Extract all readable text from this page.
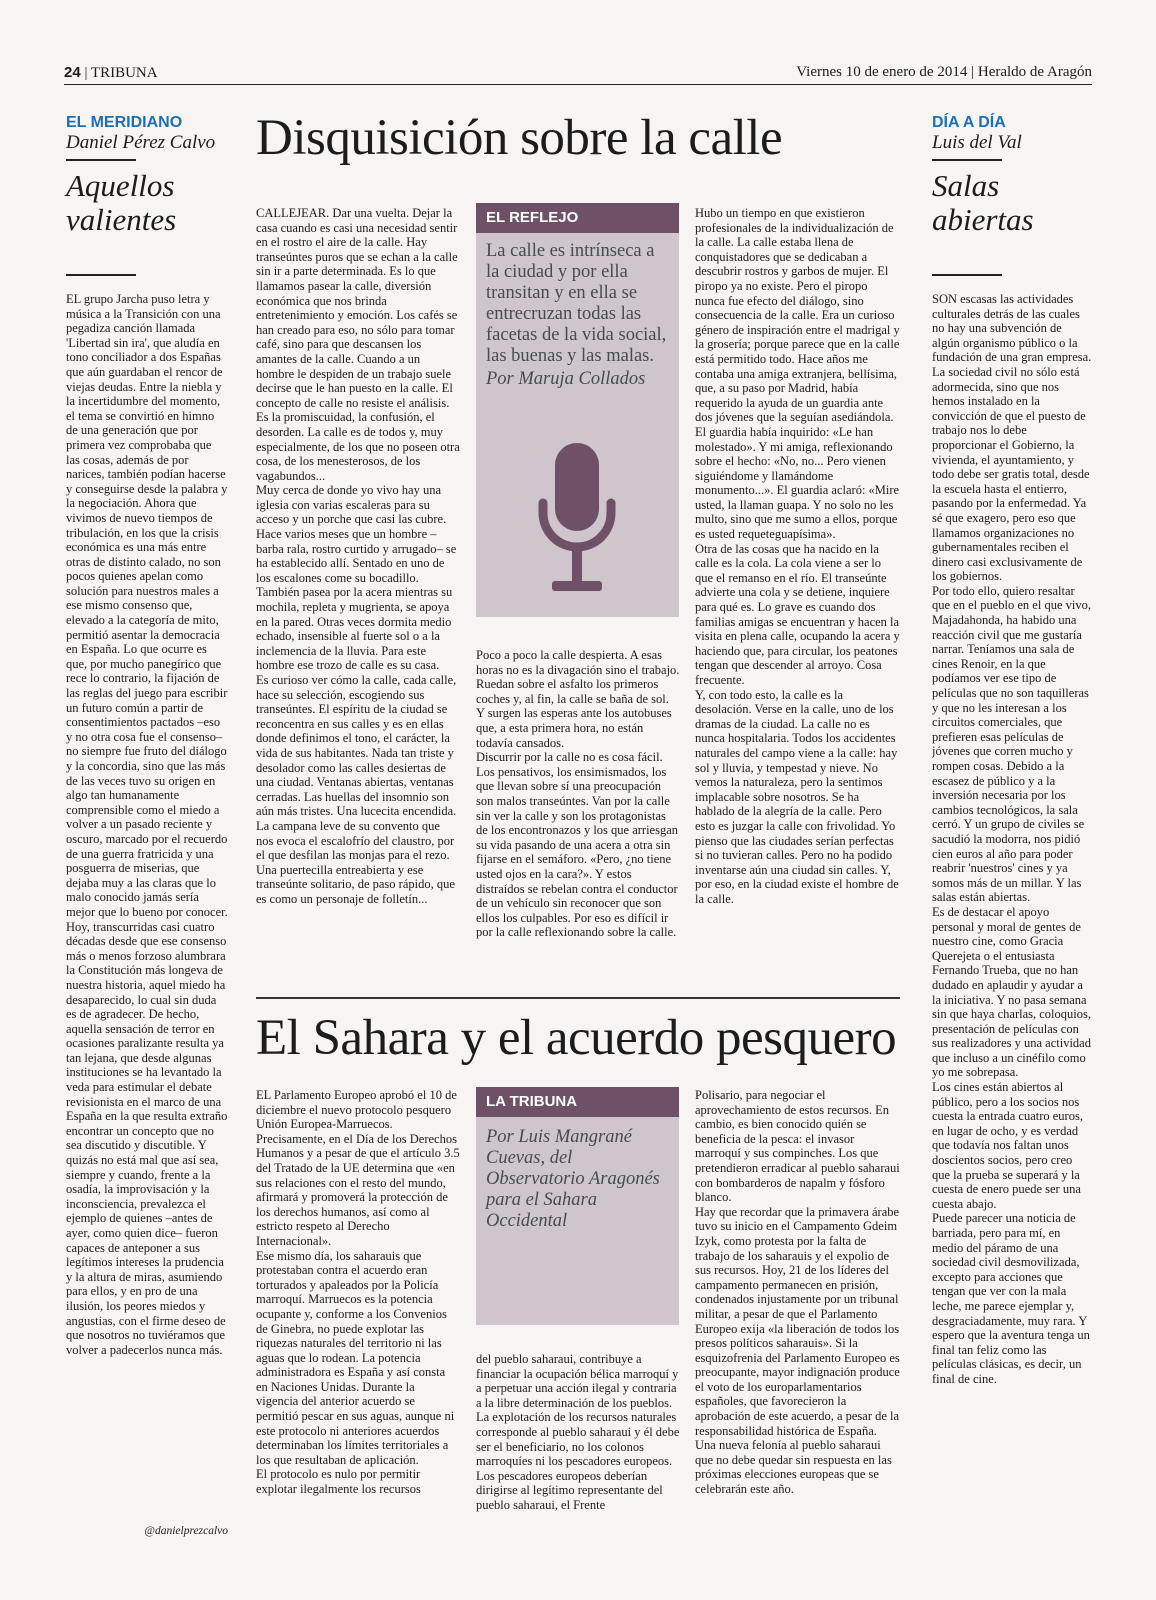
24 | TRIBUNA	Viernes 10 de enero de 2014 | Heraldo de Aragón
EL MERIDIANO
Daniel Pérez Calvo
Aquellos
valientes

EL grupo Jarcha puso letra y música a la Transición con una pegadiza canción llamada 'Libertad sin ira', que aludía en tono conciliador a dos Españas que aún guardaban el rencor de viejas deudas. Entre la niebla y la incertidumbre del momento, el tema se convirtió en himno de una generación que por primera vez comprobaba que las cosas, además de por narices, también podían hacerse y conseguirse desde la palabra y la negociación. Ahora que vivimos de nuevo tiempos de tribulación, en los que la crisis económica es una más entre otras de distinto calado, no son pocos quienes apelan como solución para nuestros males a ese mismo consenso que, elevado a la categoría de mito, permitió asentar la democracia en España. Lo que ocurre es que, por mucho panegírico que rece lo contrario, la fijación de las reglas del juego para escribir un futuro común a partir de consentimientos pactados –eso y no otra cosa fue el consenso– no siempre fue fruto del diálogo y la concordia, sino que las más de las veces tuvo su origen en algo tan humanamente comprensible como el miedo a volver a un pasado reciente y oscuro, marcado por el recuerdo de una guerra fratricida y una posguerra de miserias, que dejaba muy a las claras que lo malo conocido jamás sería mejor que lo bueno por conocer. Hoy, transcurridas casi cuatro décadas desde que ese consenso más o menos forzoso alumbrara la Constitución más longeva de nuestra historia, aquel miedo ha desaparecido, lo cual sin duda es de agradecer. De hecho, aquella sensación de terror en ocasiones paralizante resulta ya tan lejana, que desde algunas instituciones se ha levantado la veda para estimular el debate revisionista en el marco de una España en la que resulta extraño encontrar un concepto que no sea discutido y discutible. Y quizás no está mal que así sea, siempre y cuando, frente a la osadía, la improvisación y la inconsciencia, prevalezca el ejemplo de quienes –antes de ayer, como quien dice– fueron capaces de anteponer a sus legítimos intereses la prudencia y la altura de miras, asumiendo para ellos, y en pro de una ilusión, los peores miedos y angustias, con el firme deseo de que nosotros no tuviéramos que volver a padecerlos nunca más.

@danielprezcalvo
DÍA A DÍA
Luis del Val
Salas
abiertas

SON escasas las actividades culturales detrás de las cuales no hay una subvención de algún organismo público o la fundación de una gran empresa. La sociedad civil no sólo está adormecida, sino que nos hemos instalado en la convicción de que el puesto de trabajo nos lo debe proporcionar el Gobierno, la vivienda, el ayuntamiento, y todo debe ser gratis total, desde la escuela hasta el entierro, pasando por la enfermedad. Ya sé que exagero, pero eso que llamamos organizaciones no gubernamentales reciben el dinero casi exclusivamente de los gobiernos.
Por todo ello, quiero resaltar que en el pueblo en el que vivo, Majadahonda, ha habido una reacción civil que me gustaría narrar. Teníamos una sala de cines Renoir, en la que podíamos ver ese tipo de películas que no son taquilleras y que no les interesan a los circuitos comerciales, que prefieren esas películas de jóvenes que corren mucho y rompen cosas. Debido a la escasez de público y a la inversión necesaria por los cambios tecnológicos, la sala cerró. Y un grupo de civiles se sacudió la modorra, nos pidió cien euros al año para poder reabrir 'nuestros' cines y ya somos más de un millar. Y las salas están abiertas.
Es de destacar el apoyo personal y moral de gentes de nuestro cine, como Gracia Querejeta o el entusiasta Fernando Trueba, que no han dudado en aplaudir y ayudar a la iniciativa. Y no pasa semana sin que haya charlas, coloquios, presentación de películas con sus realizadores y una actividad que incluso a un cinéfilo como yo me sobrepasa.
Los cines están abiertos al público, pero a los socios nos cuesta la entrada cuatro euros, en lugar de ocho, y es verdad que todavía nos faltan unos doscientos socios, pero creo que la prueba se superará y la cuesta de enero puede ser una cuesta abajo.
Puede parecer una noticia de barriada, pero para mí, en medio del páramo de una sociedad civil desmovilizada, excepto para acciones que tengan que ver con la mala leche, me parece ejemplar y, desgraciadamente, muy rara. Y espero que la aventura tenga un final tan feliz como las películas clásicas, es decir, un final de cine.

Disquisición sobre la calle

CALLEJEAR. Dar una vuelta. Dejar la casa cuando es casi una necesidad sentir en el rostro el aire de la calle. Hay transeúntes puros que se echan a la calle sin ir a parte determinada. Es lo que llamamos pasear la calle, diversión económica que nos brinda entretenimiento y emoción. Los cafés se han creado para eso, no sólo para tomar café, sino para que descansen los amantes de la calle. Cuando a un hombre le despiden de un trabajo suele decirse que le han puesto en la calle. El concepto de calle no resiste el análisis. Es la promiscuidad, la confusión, el desorden. La calle es de todos y, muy especialmente, de los que no poseen otra cosa, de los menesterosos, de los vagabundos...
Muy cerca de donde yo vivo hay una iglesia con varias escaleras para su acceso y un porche que casi las cubre. Hace varios meses que un hombre –barba rala, rostro curtido y arrugado– se ha establecido allí. Sentado en uno de los escalones come su bocadillo. También pasea por la acera mientras su mochila, repleta y mugrienta, se apoya en la pared. Otras veces dormita medio echado, insensible al fuerte sol o a la inclemencia de la lluvia. Para este hombre ese trozo de calle es su casa.
Es curioso ver cómo la calle, cada calle, hace su selección, escogiendo sus transeúntes. El espíritu de la ciudad se reconcentra en sus calles y es en ellas donde definimos el tono, el carácter, la vida de sus habitantes. Nada tan triste y desolador como las calles desiertas de una ciudad. Ventanas abiertas, ventanas cerradas. Las huellas del insomnio son aún más tristes. Una lucecita encendida. La campana leve de su convento que nos evoca el escalofrío del claustro, por el que desfilan las monjas para el rezo. Una puertecilla entreabierta y ese transeúnte solitario, de paso rápido, que es como un personaje de folletín...

EL REFLEJO
La calle es intrínseca a la ciudad y por ella transitan y en ella se entrecruzan todas las facetas de la vida social, las buenas y las malas.
Por Maruja Collados

Poco a poco la calle despierta. A esas horas no es la divagación sino el trabajo. Ruedan sobre el asfalto los primeros coches y, al fin, la calle se baña de sol. Y surgen las esperas ante los autobuses que, a esta primera hora, no están todavía cansados.
Discurrir por la calle no es cosa fácil. Los pensativos, los ensimismados, los que llevan sobre sí una preocupación son malos transeúntes. Van por la calle sin ver la calle y son los protagonistas de los encontronazos y los que arriesgan su vida pasando de una acera a otra sin fijarse en el semáforo. «Pero, ¿no tiene usted ojos en la cara?». Y estos distraídos se rebelan contra el conductor de un vehículo sin reconocer que son ellos los culpables. Por eso es difícil ir por la calle reflexionando sobre la calle.

Hubo un tiempo en que existieron profesionales de la individualización de la calle. La calle estaba llena de conquistadores que se dedicaban a descubrir rostros y garbos de mujer. El piropo ya no existe. Pero el piropo nunca fue efecto del diálogo, sino consecuencia de la calle. Era un curioso género de inspiración entre el madrigal y la grosería; porque parece que en la calle está permitido todo. Hace años me contaba una amiga extranjera, bellísima, que, a su paso por Madrid, había requerido la ayuda de un guardia ante dos jóvenes que la seguían asediándola. El guardia había inquirido: «Le han molestado». Y mi amiga, reflexionando sobre el hecho: «No, no... Pero vienen siguiéndome y llamándome monumento...». El guardia aclaró: «Mire usted, la llaman guapa. Y no solo no les multo, sino que me sumo a ellos, porque es usted requeteguapísima».
Otra de las cosas que ha nacido en la calle es la cola. La cola viene a ser lo que el remanso en el río. El transeúnte advierte una cola y se detiene, inquiere para qué es. Lo grave es cuando dos familias amigas se encuentran y hacen la visita en plena calle, ocupando la acera y haciendo que, para circular, los peatones tengan que descender al arroyo. Cosa frecuente.
Y, con todo esto, la calle es la desolación. Verse en la calle, uno de los dramas de la ciudad. La calle no es nunca hospitalaria. Todos los accidentes naturales del campo viene a la calle: hay sol y lluvia, y tempestad y nieve. No vemos la naturaleza, pero la sentimos implacable sobre nosotros. Se ha hablado de la alegría de la calle. Pero esto es juzgar la calle con frivolidad. Yo pienso que las ciudades serían perfectas si no tuvieran calles. Pero no ha podido inventarse aún una ciudad sin calles. Y, por eso, en la ciudad existe el hombre de la calle.

El Sahara y el acuerdo pesquero

EL Parlamento Europeo aprobó el 10 de diciembre el nuevo protocolo pesquero Unión Europea-Marruecos. Precisamente, en el Día de los Derechos Humanos y a pesar de que el artículo 3.5 del Tratado de la UE determina que «en sus relaciones con el resto del mundo, afirmará y promoverá la protección de los derechos humanos, así como al estricto respeto al Derecho Internacional».
Ese mismo día, los saharauis que protestaban contra el acuerdo eran torturados y apaleados por la Policía marroquí. Marruecos es la potencia ocupante y, conforme a los Convenios de Ginebra, no puede explotar las riquezas naturales del territorio ni las aguas que lo rodean. La potencia administradora es España y así consta en Naciones Unidas. Durante la vigencia del anterior acuerdo se permitió pescar en sus aguas, aunque ni este protocolo ni anteriores acuerdos determinaban los límites territoriales a los que resultaban de aplicación.
El protocolo es nulo por permitir explotar ilegalmente los recursos

LA TRIBUNA
Por Luis Mangrané Cuevas, del Observatorio Aragonés para el Sahara Occidental

del pueblo saharaui, contribuye a financiar la ocupación bélica marroquí y a perpetuar una acción ilegal y contraria a la libre determinación de los pueblos. La explotación de los recursos naturales corresponde al pueblo saharaui y él debe ser el beneficiario, no los colonos marroquíes ni los pescadores europeos.
Los pescadores europeos deberían dirigirse al legítimo representante del pueblo saharaui, el Frente

Polisario, para negociar el aprovechamiento de estos recursos. En cambio, es bien conocido quién se beneficia de la pesca: el invasor marroquí y sus compinches. Los que pretendieron erradicar al pueblo saharaui con bombarderos de napalm y fósforo blanco.
Hay que recordar que la primavera árabe tuvo su inicio en el Campamento Gdeim Izyk, como protesta por la falta de trabajo de los saharauis y el expolio de sus recursos. Hoy, 21 de los líderes del campamento permanecen en prisión, condenados injustamente por un tribunal militar, a pesar de que el Parlamento Europeo exija «la liberación de todos los presos políticos saharauis». Si la esquizofrenia del Parlamento Europeo es preocupante, mayor indignación produce el voto de los europarlamentarios españoles, que favorecieron la aprobación de este acuerdo, a pesar de la responsabilidad histórica de España. Una nueva felonía al pueblo saharaui que no debe quedar sin respuesta en las próximas elecciones europeas que se celebrarán este año.
